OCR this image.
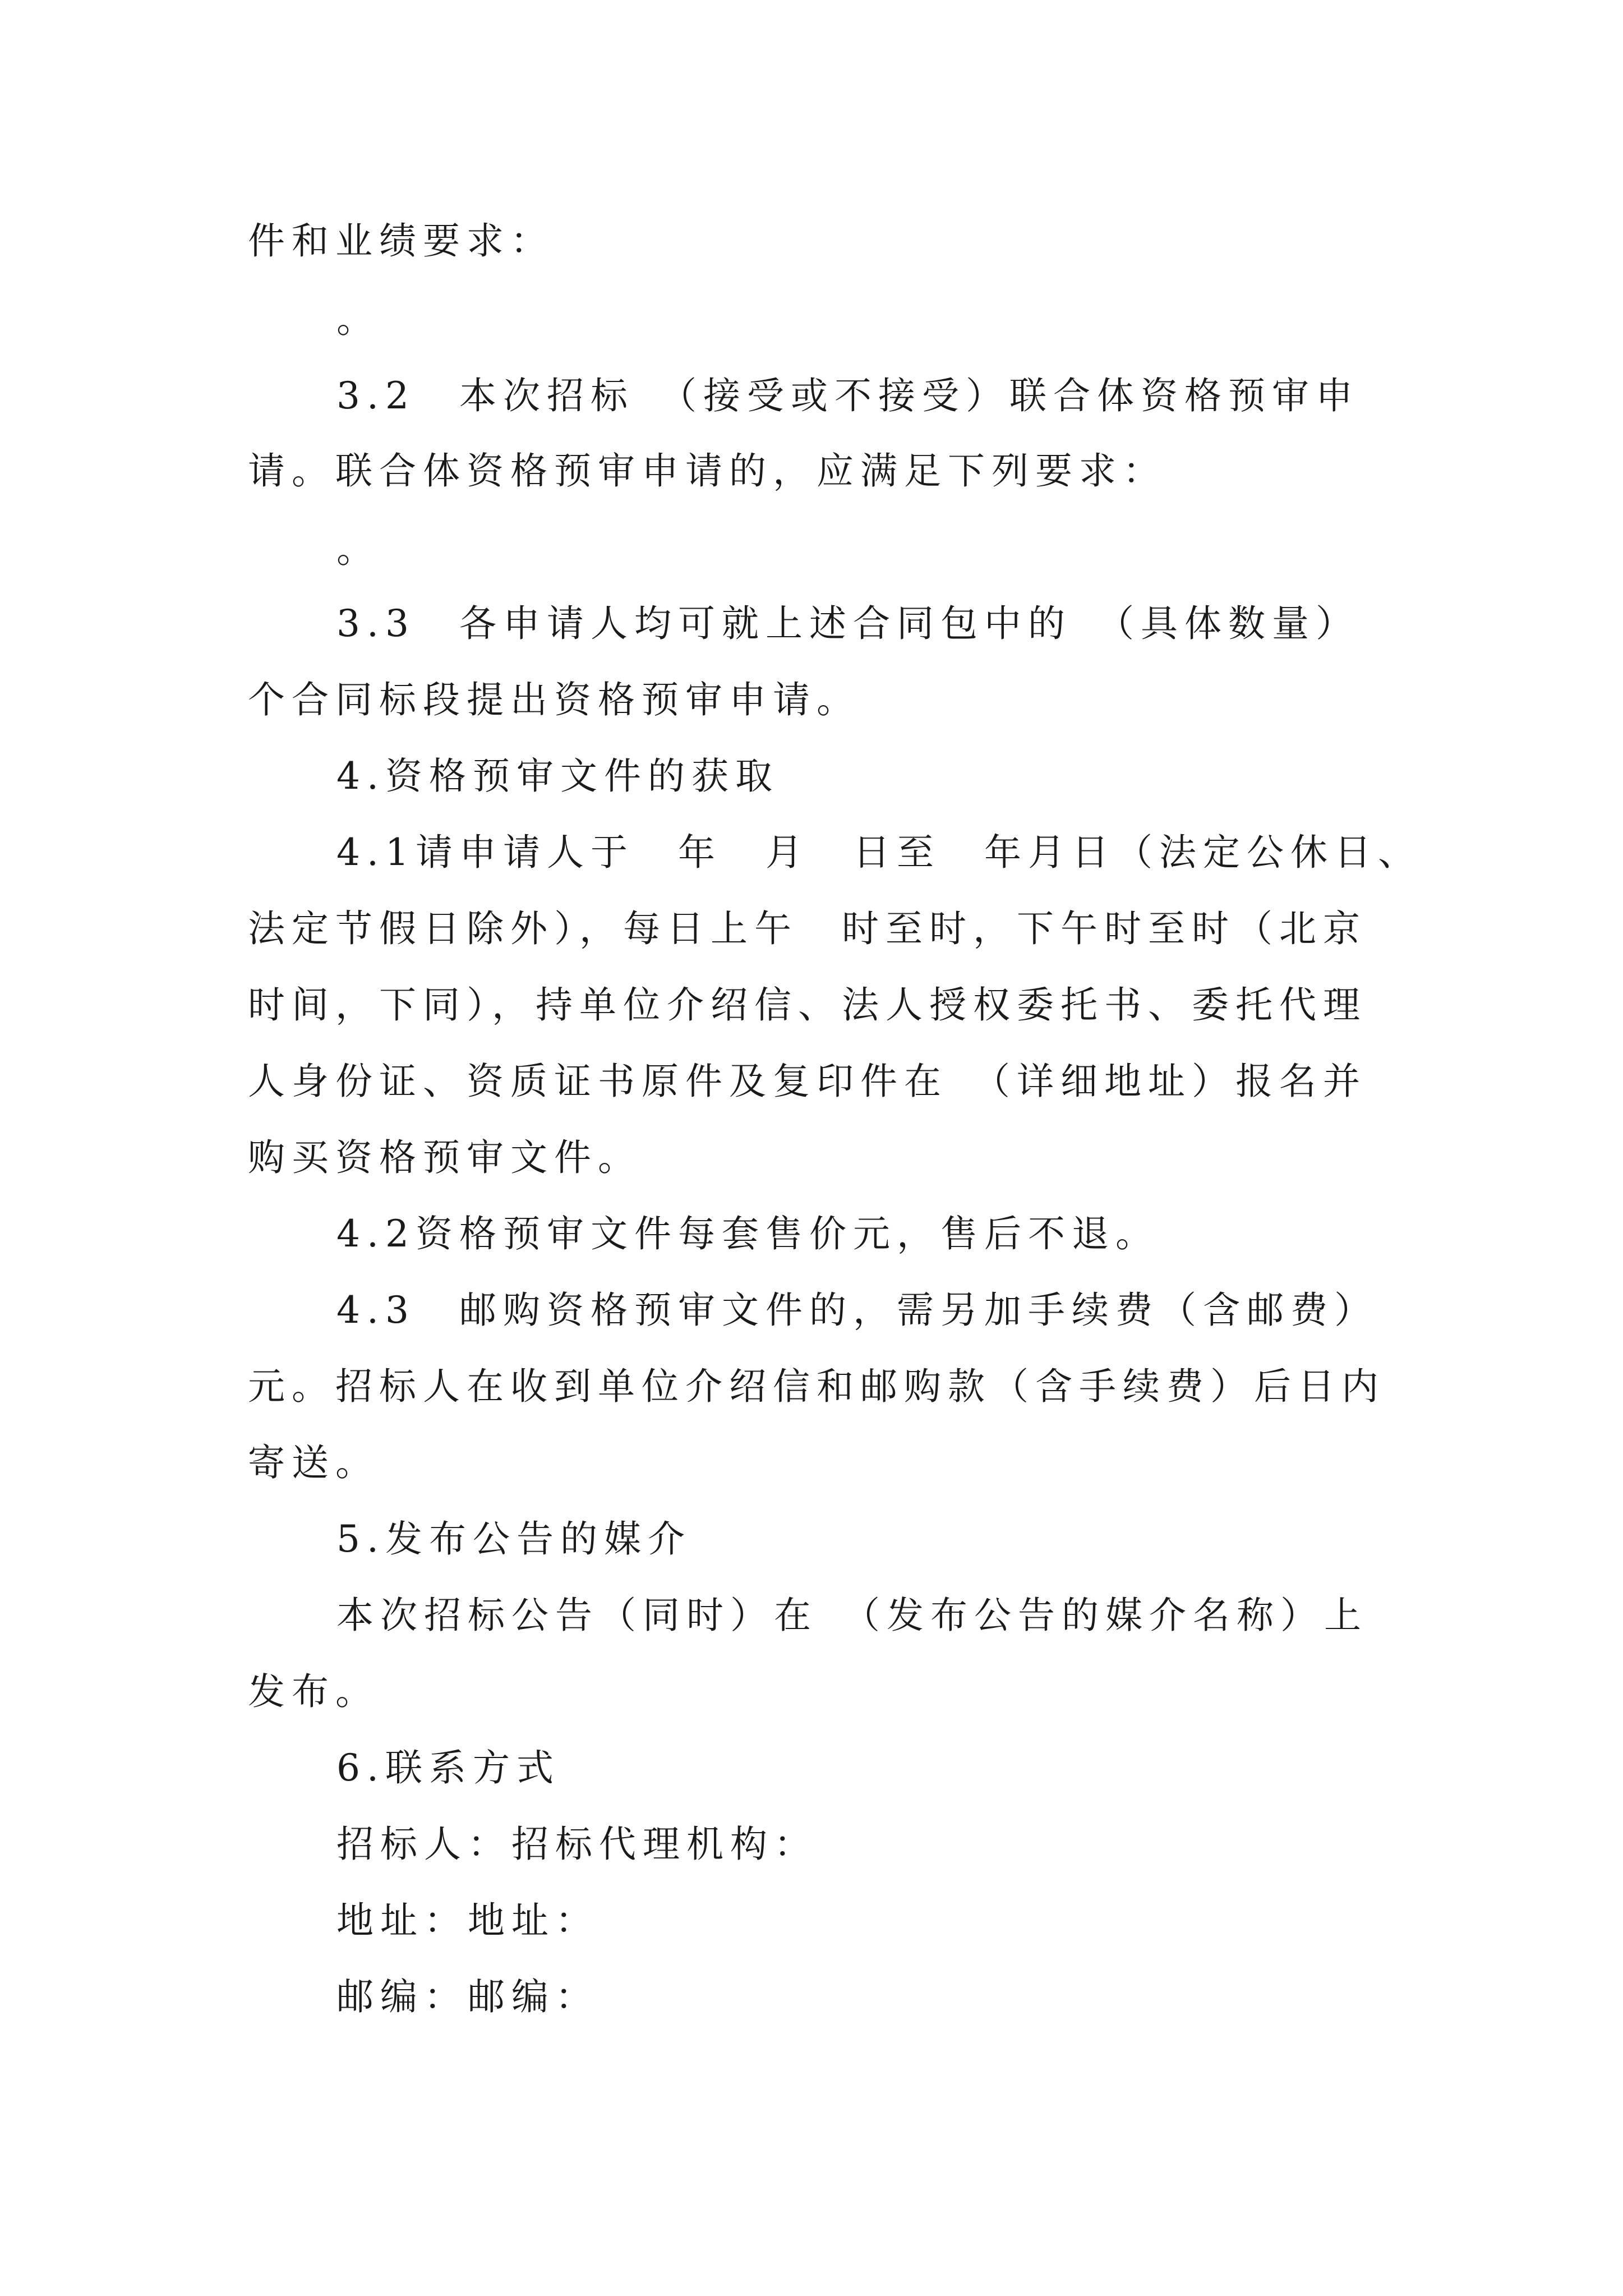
件和业绩要求：
。
3.2　本次招标　（接受或不接受）联合体资格预审申
请。联合体资格预审申请的，应满足下列要求：
。
3.3　各申请人均可就上述合同包中的　（具体数量）
个合同标段提出资格预审申请。
4.资格预审文件的获取
4.1请申请人于　年　月　日至　年月日（法定公休日、
法定节假日除外），每日上午　时至时，下午时至时（北京
时间，下同），持单位介绍信、法人授权委托书、委托代理
人身份证、资质证书原件及复印件在　（详细地址）报名并
购买资格预审文件。
4.2资格预审文件每套售价元，售后不退。
4.3　邮购资格预审文件的，需另加手续费（含邮费）
元。招标人在收到单位介绍信和邮购款（含手续费）后日内
寄送。
5.发布公告的媒介
本次招标公告（同时）在　（发布公告的媒介名称）上
发布。
6.联系方式
招标人：招标代理机构：
地址：地址：
邮编：邮编：
